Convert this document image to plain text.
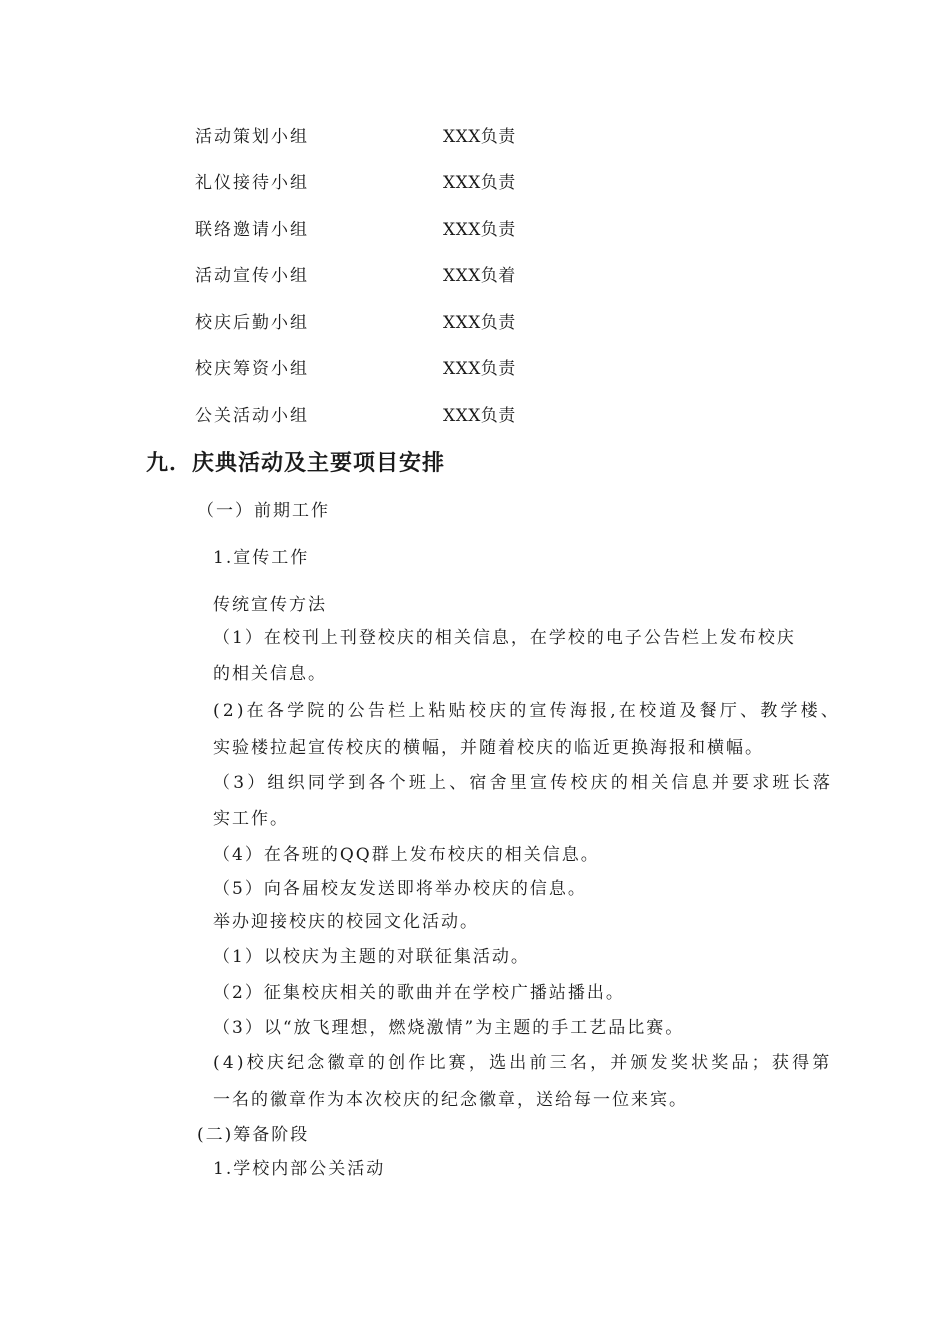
活动策划小组	XXX负责
礼仪接待小组	XXX负责
联络邀请小组	XXX负责
活动宣传小组	XXX负着
校庆后勤小组	XXX负责
校庆筹资小组	XXX负责
公关活动小组	XXX负责
九．庆典活动及主要项目安排
（一）前期工作
1.宣传工作
传统宣传方法
（1）在校刊上刊登校庆的相关信息，在学校的电子公告栏上发布校庆
的相关信息。
(2)在各学院的公告栏上粘贴校庆的宣传海报,在校道及餐厅、教学楼、
实验楼拉起宣传校庆的横幅，并随着校庆的临近更换海报和横幅。
（3）组织同学到各个班上、宿舍里宣传校庆的相关信息并要求班长落
实工作。
（4）在各班的QQ群上发布校庆的相关信息。
（5）向各届校友发送即将举办校庆的信息。
举办迎接校庆的校园文化活动。
（1）以校庆为主题的对联征集活动。
（2）征集校庆相关的歌曲并在学校广播站播出。
（3）以“放飞理想，燃烧激情”为主题的手工艺品比赛。
(4)校庆纪念徽章的创作比赛，选出前三名，并颁发奖状奖品；获得第
一名的徽章作为本次校庆的纪念徽章，送给每一位来宾。
(二)筹备阶段
1.学校内部公关活动
